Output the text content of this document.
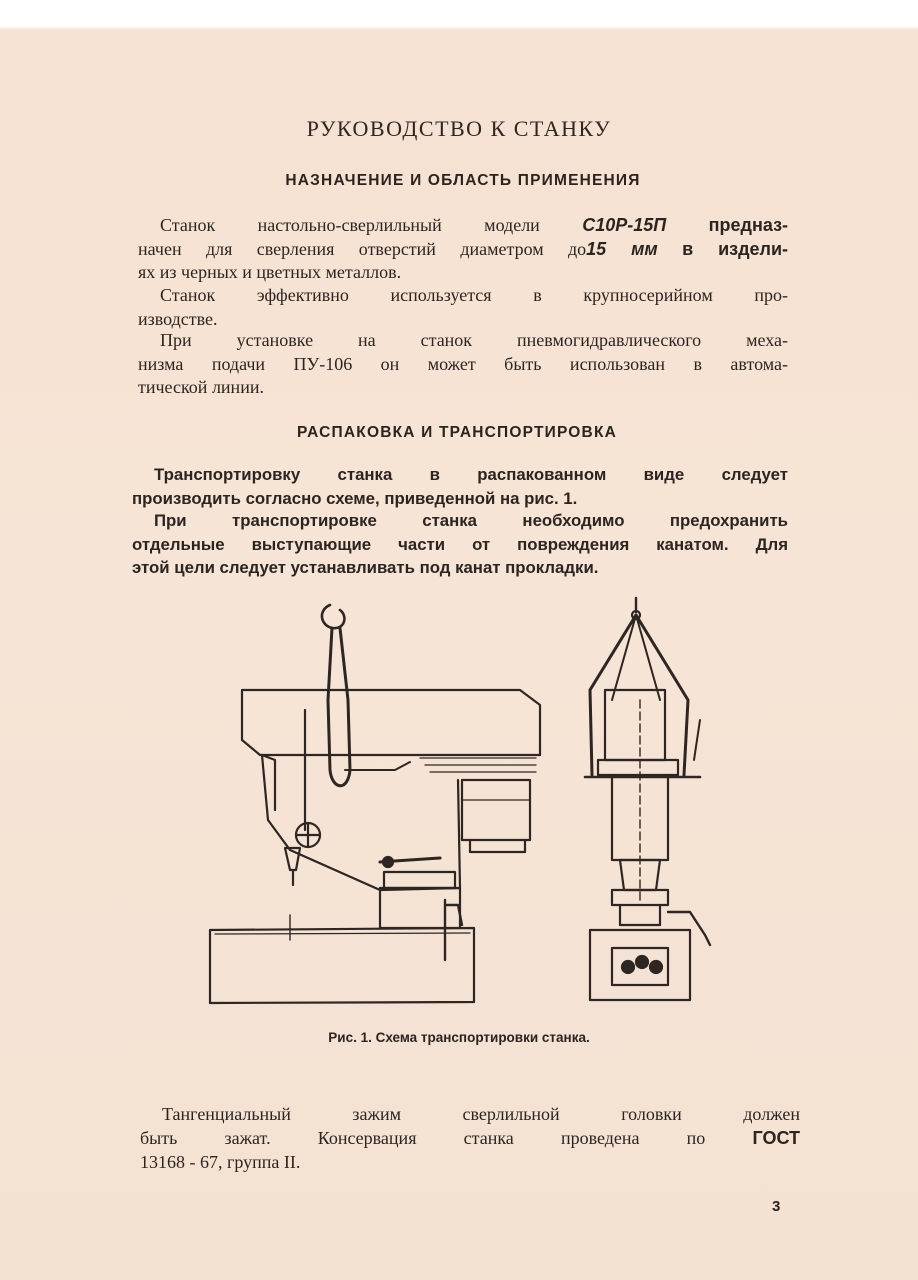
РУКОВОДСТВО К СТАНКУ
НАЗНАЧЕНИЕ И ОБЛАСТЬ ПРИМЕНЕНИЯ
Станок настольно-сверлильный модели С10Р-15П предназ-
начен для сверления отверстий диаметром до15 мм в издели-
ях из черных и цветных металлов.
Станок эффективно используется в крупносерийном про-
изводстве.
При установке на станок пневмогидравлического меха-
низма подачи ПУ-106 он может быть использован в автома-
тической линии.
РАСПАКОВКА И ТРАНСПОРТИРОВКА
Транспортировку станка в распакованном виде следует
производить согласно схеме, приведенной на рис. 1.
При транспортировке станка необходимо предохранить
отдельные выступающие части от повреждения канатом. Для
этой цели следует устанавливать под канат прокладки.
Рис. 1. Схема транспортировки станка.
Тангенциальный зажим сверлильной головки должен
быть зажат. Консервация станка проведена по	ГОСТ
13168 - 67, группа II.
3
